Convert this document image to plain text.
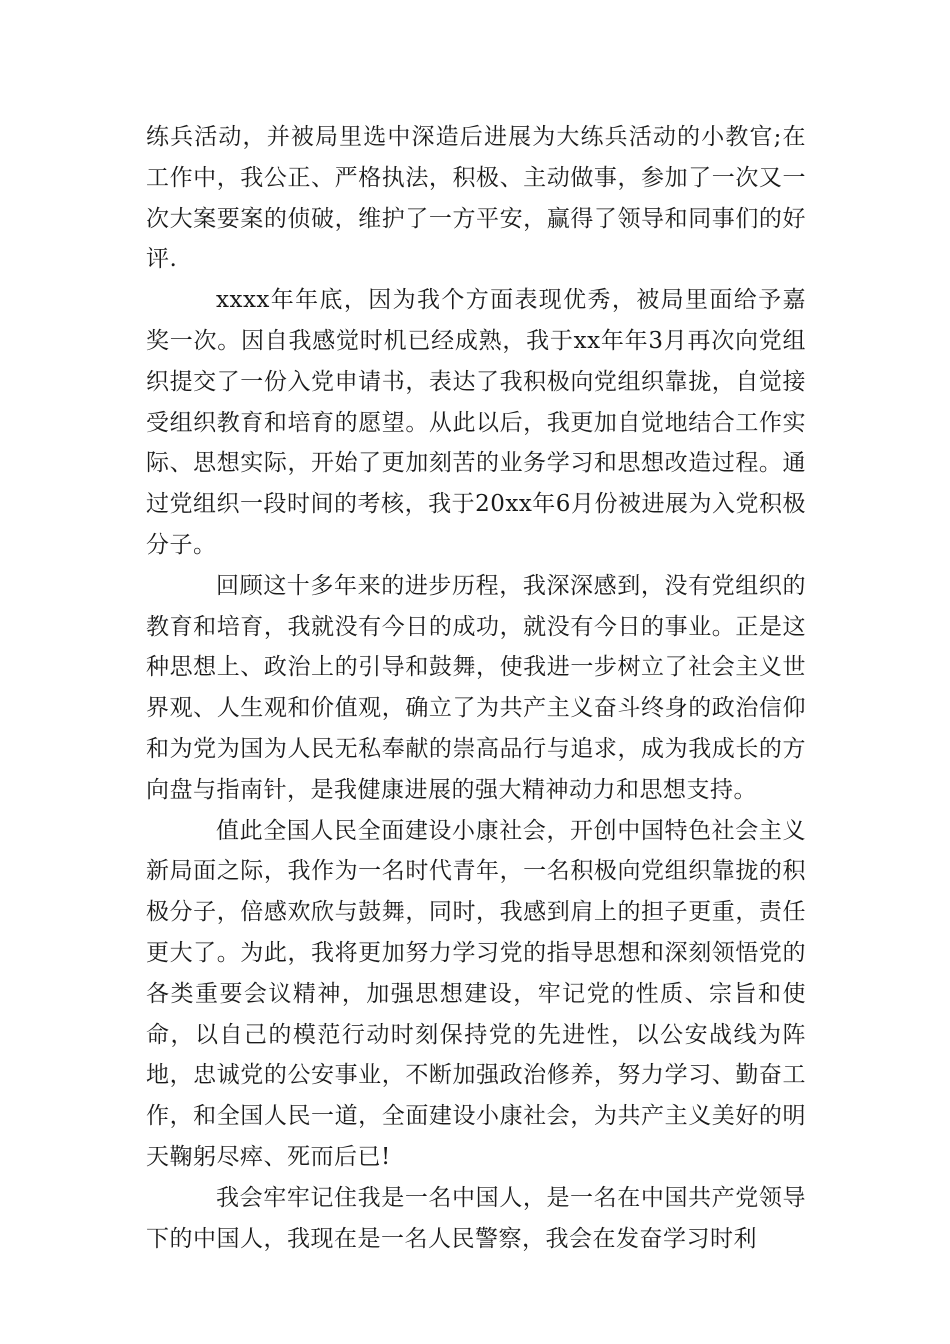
练兵活动，并被局里选中深造后进展为大练兵活动的小教官;在工作中，我公正、严格执法，积极、主动做事，参加了一次又一次大案要案的侦破，维护了一方平安，赢得了领导和同事们的好评.

xxxx年年底，因为我个方面表现优秀，被局里面给予嘉奖一次。因自我感觉时机已经成熟，我于xx年年3月再次向党组织提交了一份入党申请书，表达了我积极向党组织靠拢，自觉接受组织教育和培育的愿望。从此以后，我更加自觉地结合工作实际、思想实际，开始了更加刻苦的业务学习和思想改造过程。通过党组织一段时间的考核，我于20xx年6月份被进展为入党积极分子。

回顾这十多年来的进步历程，我深深感到，没有党组织的教育和培育，我就没有今日的成功，就没有今日的事业。正是这种思想上、政治上的引导和鼓舞，使我进一步树立了社会主义世界观、人生观和价值观，确立了为共产主义奋斗终身的政治信仰和为党为国为人民无私奉献的崇高品行与追求，成为我成长的方向盘与指南针，是我健康进展的强大精神动力和思想支持。

值此全国人民全面建设小康社会，开创中国特色社会主义新局面之际，我作为一名时代青年，一名积极向党组织靠拢的积极分子，倍感欢欣与鼓舞，同时，我感到肩上的担子更重，责任更大了。为此，我将更加努力学习党的指导思想和深刻领悟党的各类重要会议精神，加强思想建设，牢记党的性质、宗旨和使命，以自己的模范行动时刻保持党的先进性，以公安战线为阵地，忠诚党的公安事业，不断加强政治修养，努力学习、勤奋工作，和全国人民一道，全面建设小康社会，为共产主义美好的明天鞠躬尽瘁、死而后已!

我会牢牢记住我是一名中国人，是一名在中国共产党领导下的中国人，我现在是一名人民警察，我会在发奋学习时利
